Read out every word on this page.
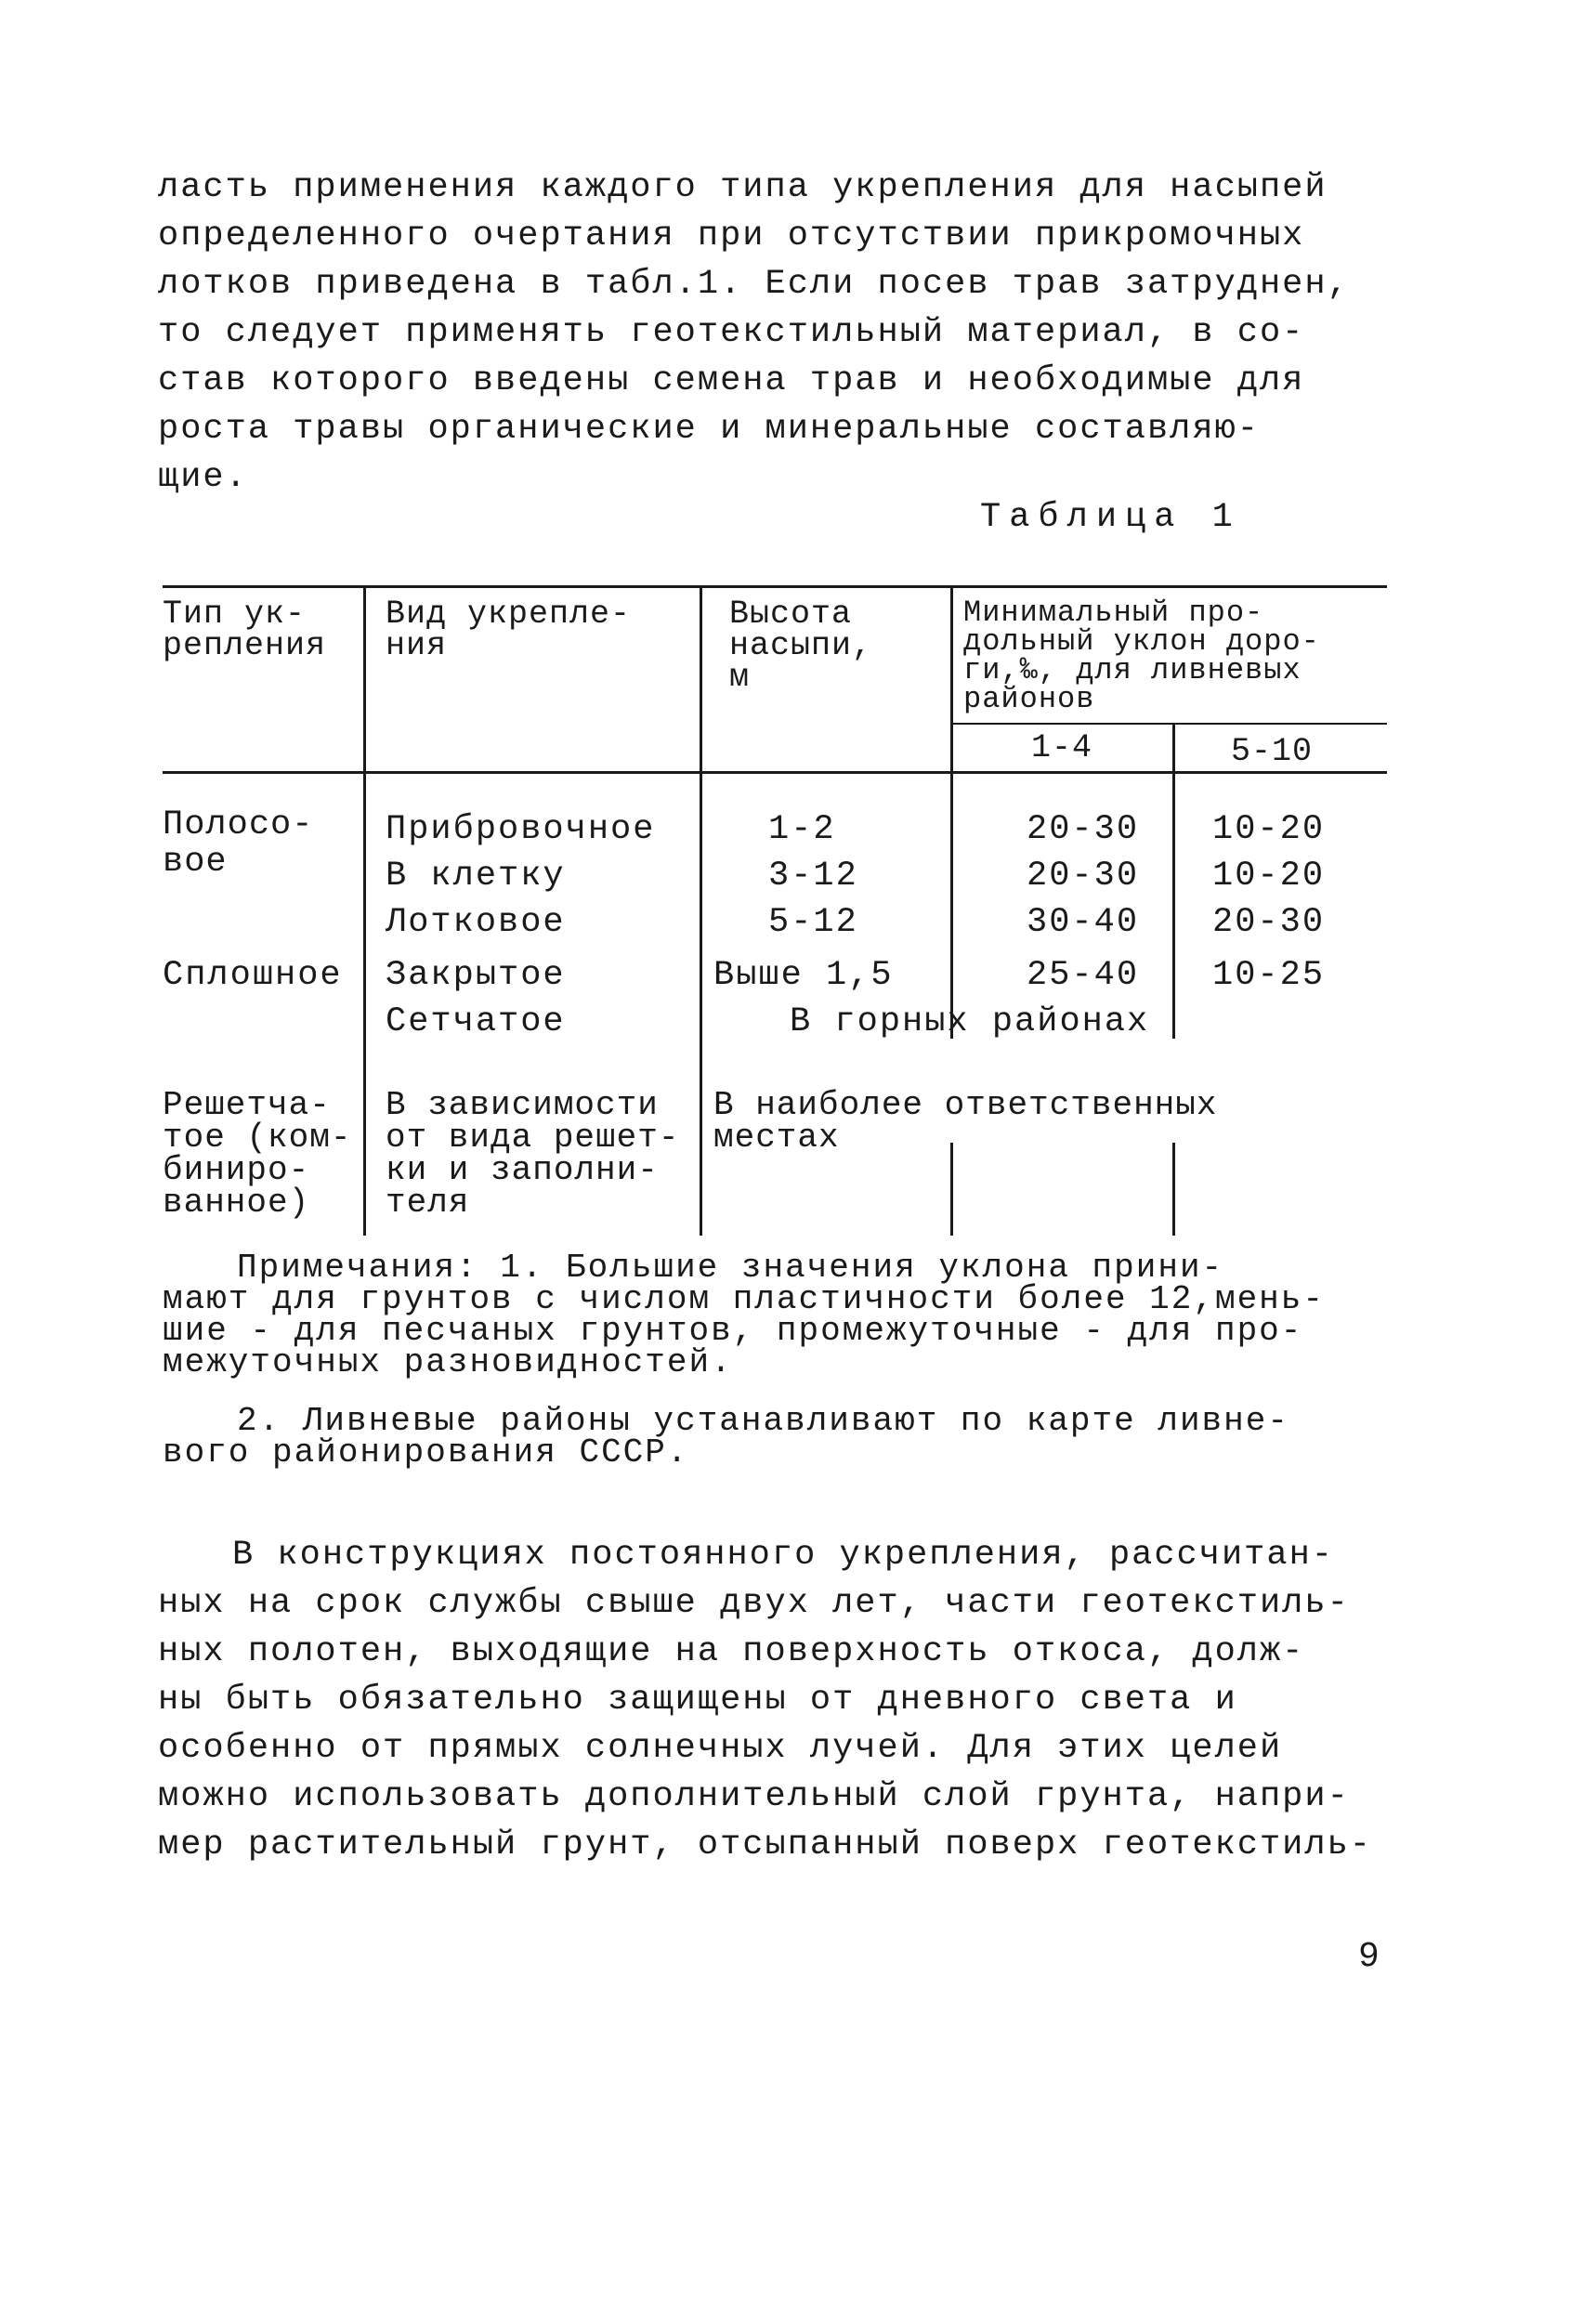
ласть применения каждого типа укрепления для насыпей
определенного очертания при отсутствии прикромочных
лотков приведена в табл.1. Если посев трав затруднен,
то следует применять геотекстильный материал, в со-
став которого введены семена трав и необходимые для
роста травы органические и минеральные составляю-
щие.
Таблица 1
Тип ук-
репления
Вид укрепле-
ния
Высота
насыпи,
м
Минимальный про-
дольный уклон доро-
ги,‰, для ливневых
районов
1-4	5-10
Полосо-
вое
Сплошное
Решетча-
тое (ком-
биниро-
ванное)
Прибровочное
В клетку
Лотковое
Закрытое
Сетчатое
В зависимости
от вида решет-
ки и заполни-
теля
1-2
3-12
5-12
Выше 1,5
20-30
20-30
30-40
25-40
10-20
10-20
20-30
10-25
В горных районах
В наиболее ответственных
местах
Примечания: 1. Большие значения уклона прини-
мают для грунтов с числом пластичности более 12,мень-
шие - для песчаных грунтов, промежуточные - для про-
межуточных разновидностей.
2. Ливневые районы устанавливают по карте ливне-
вого районирования СССР.
В конструкциях постоянного укрепления, рассчитан-
ных на срок службы свыше двух лет, части геотекстиль-
ных полотен, выходящие на поверхность откоса, долж-
ны быть обязательно защищены от дневного света и
особенно от прямых солнечных лучей. Для этих целей
можно использовать дополнительный слой грунта, напри-
мер растительный грунт, отсыпанный поверх геотекстиль-
9
